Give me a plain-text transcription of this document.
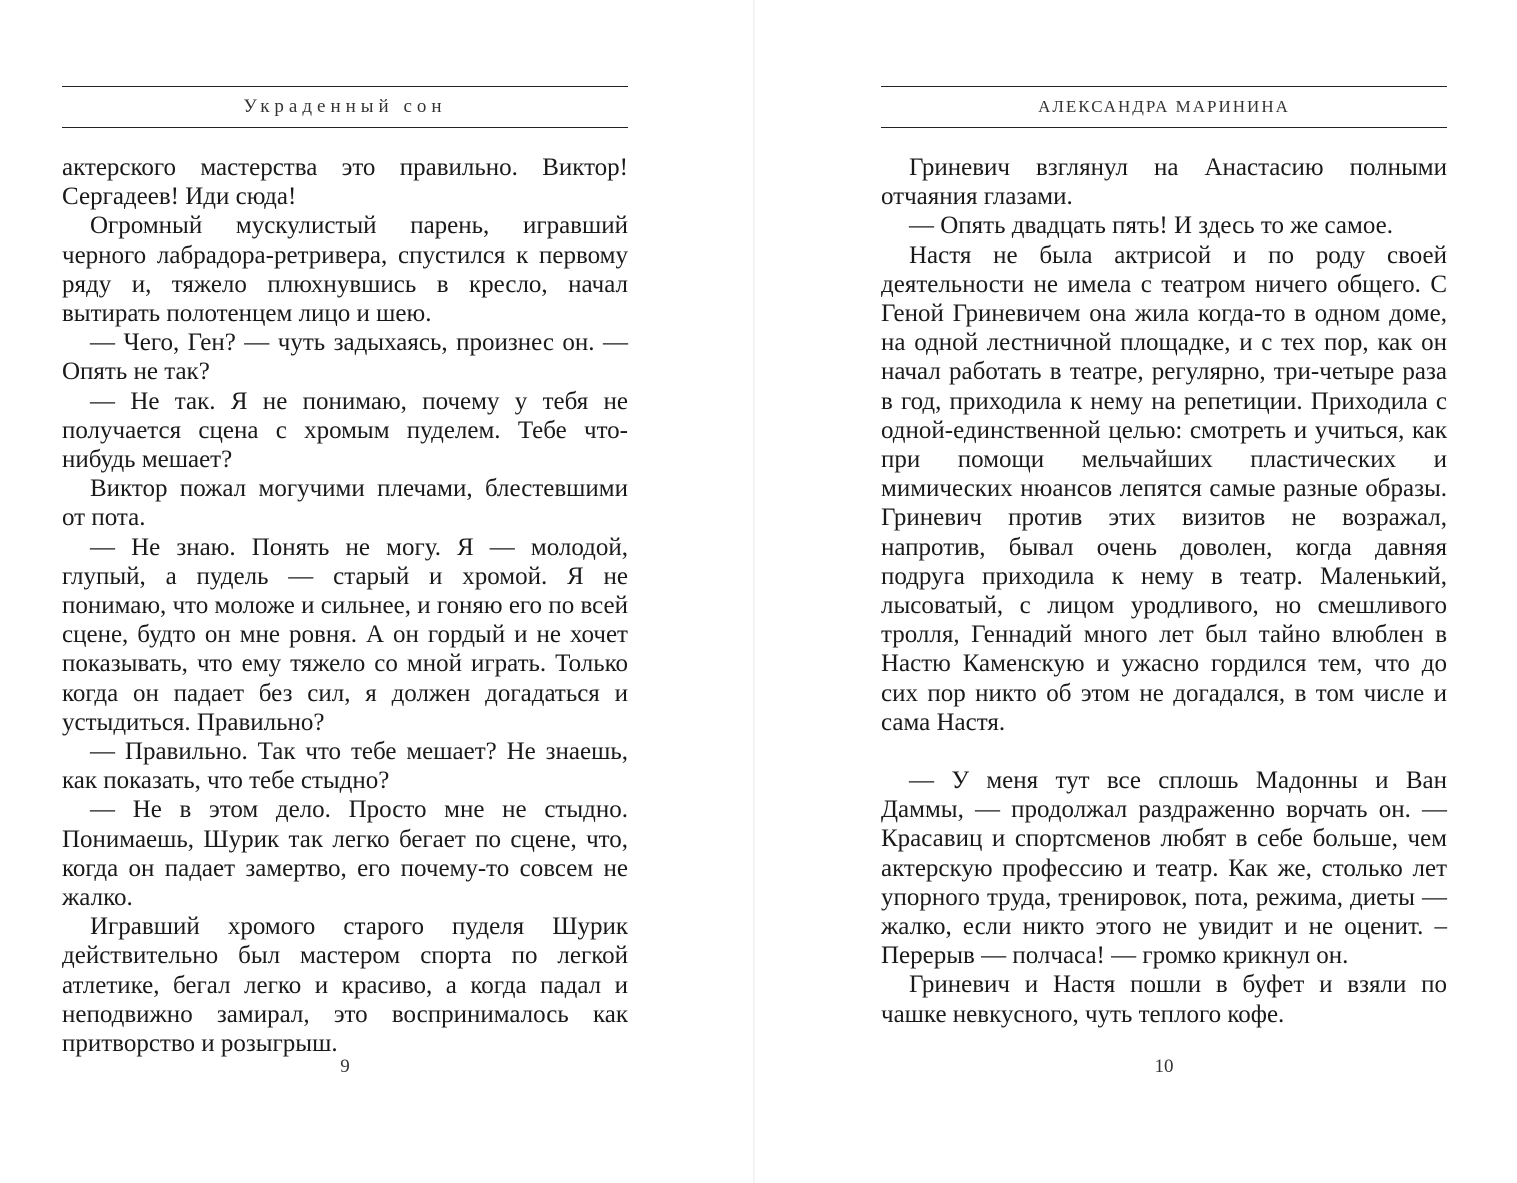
Украденный сон

актерского мастерства это правильно. Виктор! Сергадеев! Иди сюда!

Огромный мускулистый парень, игравший черного лабрадора-ретривера, спустился к первому ряду и, тяжело плюхнувшись в кресло, начал вытирать полотенцем лицо и шею.

— Чего, Ген? — чуть задыхаясь, произнес он. — Опять не так?

— Не так. Я не понимаю, почему у тебя не получается сцена с хромым пуделем. Тебе что-нибудь мешает?

Виктор пожал могучими плечами, блестевшими от пота.

— Не знаю. Понять не могу. Я — молодой, глупый, а пудель — старый и хромой. Я не понимаю, что моложе и сильнее, и гоняю его по всей сцене, будто он мне ровня. А он гордый и не хочет показывать, что ему тяжело со мной играть. Только когда он падает без сил, я должен догадаться и устыдиться. Правильно?

— Правильно. Так что тебе мешает? Не знаешь, как показать, что тебе стыдно?

— Не в этом дело. Просто мне не стыдно. Понимаешь, Шурик так легко бегает по сцене, что, когда он падает замертво, его почему-то совсем не жалко.

Игравший хромого старого пуделя Шурик действительно был мастером спорта по легкой атлетике, бегал легко и красиво, а когда падал и неподвижно замирал, это воспринималось как притворство и розыгрыш.

9
АЛЕКСАНДРА МАРИНИНА

Гриневич взглянул на Анастасию полными отчаяния глазами.

— Опять двадцать пять! И здесь то же самое.

Настя не была актрисой и по роду своей деятельности не имела с театром ничего общего. С Геной Гриневичем она жила когда-то в одном доме, на одной лестничной площадке, и с тех пор, как он начал работать в театре, регулярно, три-четыре раза в год, приходила к нему на репетиции. Приходила с одной-единственной целью: смотреть и учиться, как при помощи мельчайших пластических и мимических нюансов лепятся самые разные образы. Гриневич против этих визитов не возражал, напротив, бывал очень доволен, когда давняя подруга приходила к нему в театр. Маленький, лысоватый, с лицом уродливого, но смешливого тролля, Геннадий много лет был тайно влюблен в Настю Каменскую и ужасно гордился тем, что до сих пор никто об этом не догадался, в том числе и сама Настя.

— У меня тут все сплошь Мадонны и Ван Даммы, — продолжал раздраженно ворчать он. — Красавиц и спортсменов любят в себе больше, чем актерскую профессию и театр. Как же, столько лет упорного труда, тренировок, пота, режима, диеты — жалко, если никто этого не увидит и не оценит. – Перерыв — полчаса! — громко крикнул он.

Гриневич и Настя пошли в буфет и взяли по чашке невкусного, чуть теплого кофе.

10
